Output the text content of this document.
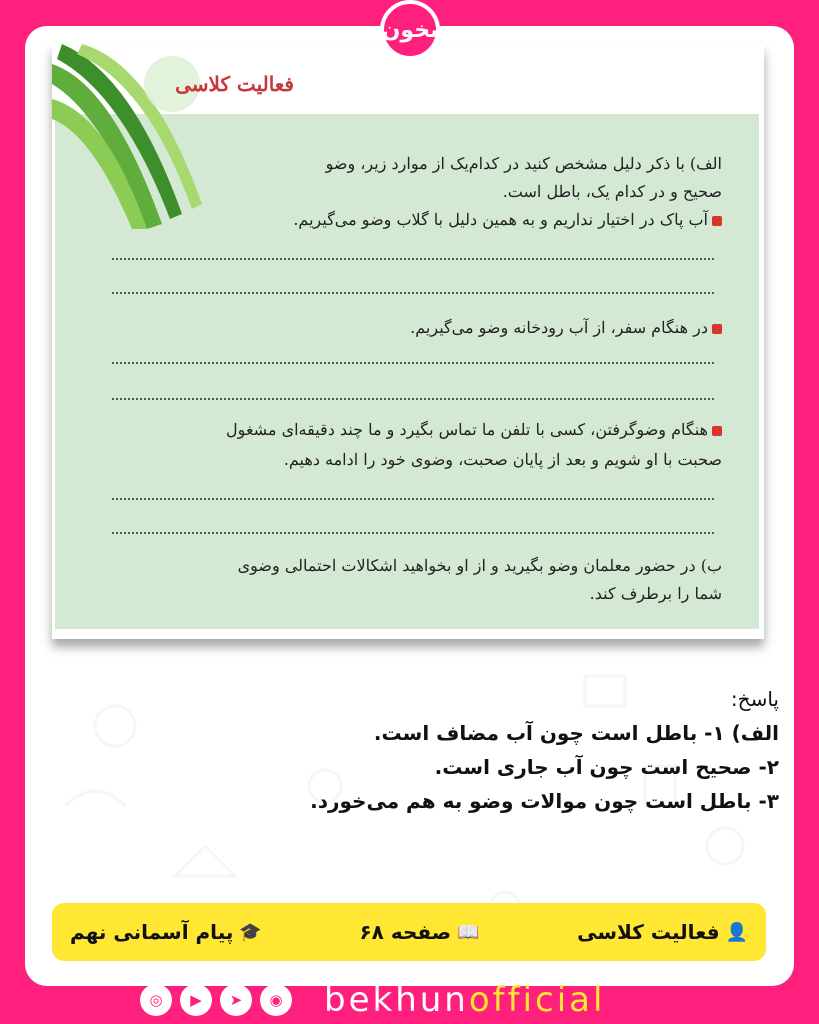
بخون
فعالیت کلاسی
الف) با ذکر دلیل مشخص کنید در کدام‌یک از موارد زیر، وضو
صحیح و در کدام یک، باطل است.
آب پاک در اختیار نداریم و به همین دلیل با گلاب وضو می‌گیریم.
در هنگام سفر، از آب رودخانه وضو می‌گیریم.
هنگام وضوگرفتن، کسی با تلفن ما تماس بگیرد و ما چند دقیقه‌ای مشغول
صحبت با او شویم و بعد از پایان صحبت، وضوی خود را ادامه دهیم.
ب) در حضور معلمان وضو بگیرید و از او بخواهید اشکالات احتمالی وضوی
شما را برطرف کند.
پاسخ:
الف) ۱- باطل است چون آب مضاف است.
۲- صحیح است چون آب جاری است.
۳- باطل است چون موالات وضو به هم می‌خورد.
👤
فعالیت کلاسی
📖
صفحه ۶۸
🎓
پیام آسمانی نهم
◎	▶	➤	◉ bekhunofficial
